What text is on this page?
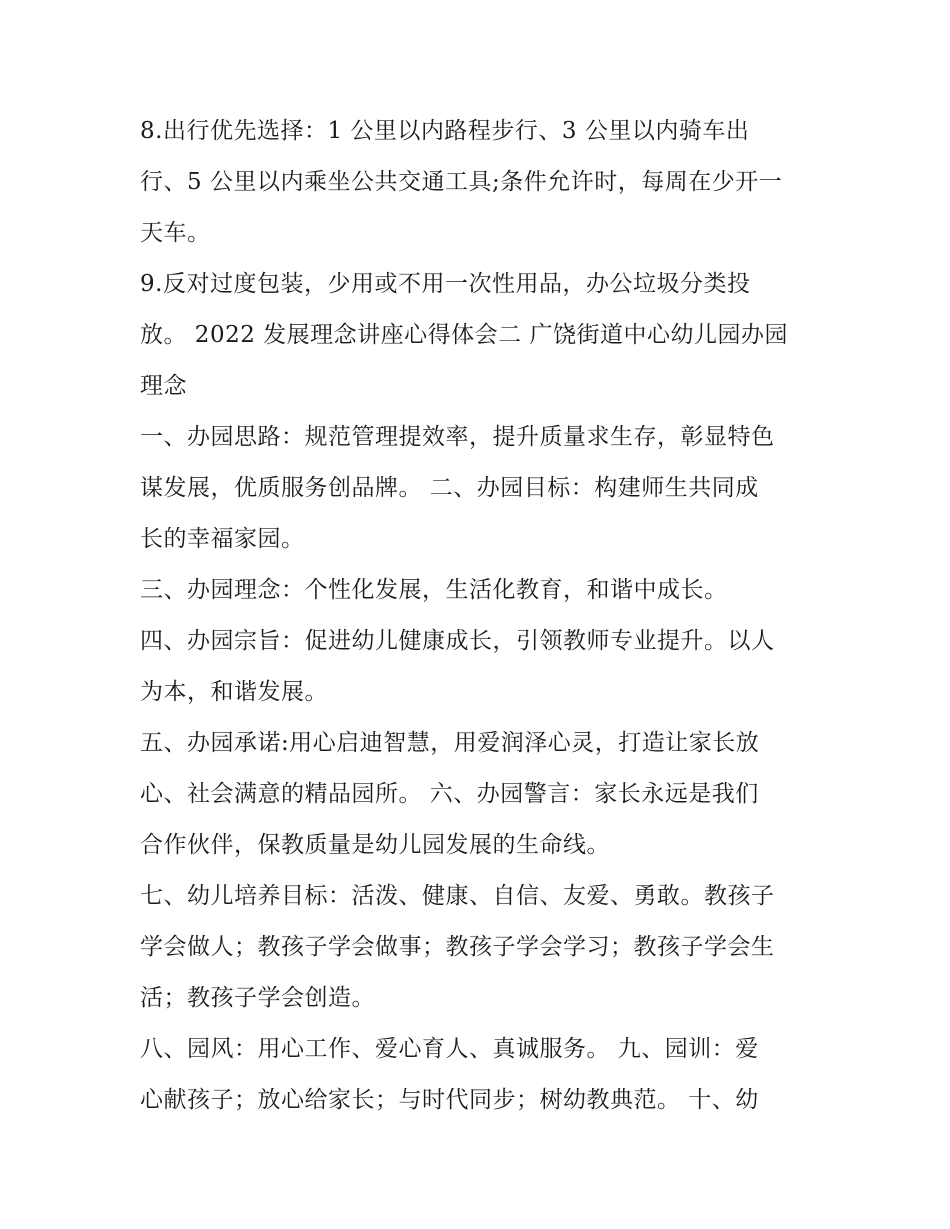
8.出行优先选择：1 公里以内路程步行、3 公里以内骑车出
行、5 公里以内乘坐公共交通工具;条件允许时，每周在少开一
天车。
9.反对过度包装，少用或不用一次性用品，办公垃圾分类投
放。 2022 发展理念讲座心得体会二 广饶街道中心幼儿园办园
理念
一、办园思路：规范管理提效率，提升质量求生存，彰显特色
谋发展，优质服务创品牌。 二、办园目标：构建师生共同成
长的幸福家园。
三、办园理念：个性化发展，生活化教育，和谐中成长。
四、办园宗旨：促进幼儿健康成长，引领教师专业提升。以人
为本，和谐发展。
五、办园承诺:用心启迪智慧，用爱润泽心灵，打造让家长放
心、社会满意的精品园所。 六、办园警言：家长永远是我们
合作伙伴，保教质量是幼儿园发展的生命线。
七、幼儿培养目标：活泼、健康、自信、友爱、勇敢。教孩子
学会做人；教孩子学会做事；教孩子学会学习；教孩子学会生
活；教孩子学会创造。
八、园风：用心工作、爱心育人、真诚服务。 九、园训：爱
心献孩子；放心给家长；与时代同步；树幼教典范。 十、幼
